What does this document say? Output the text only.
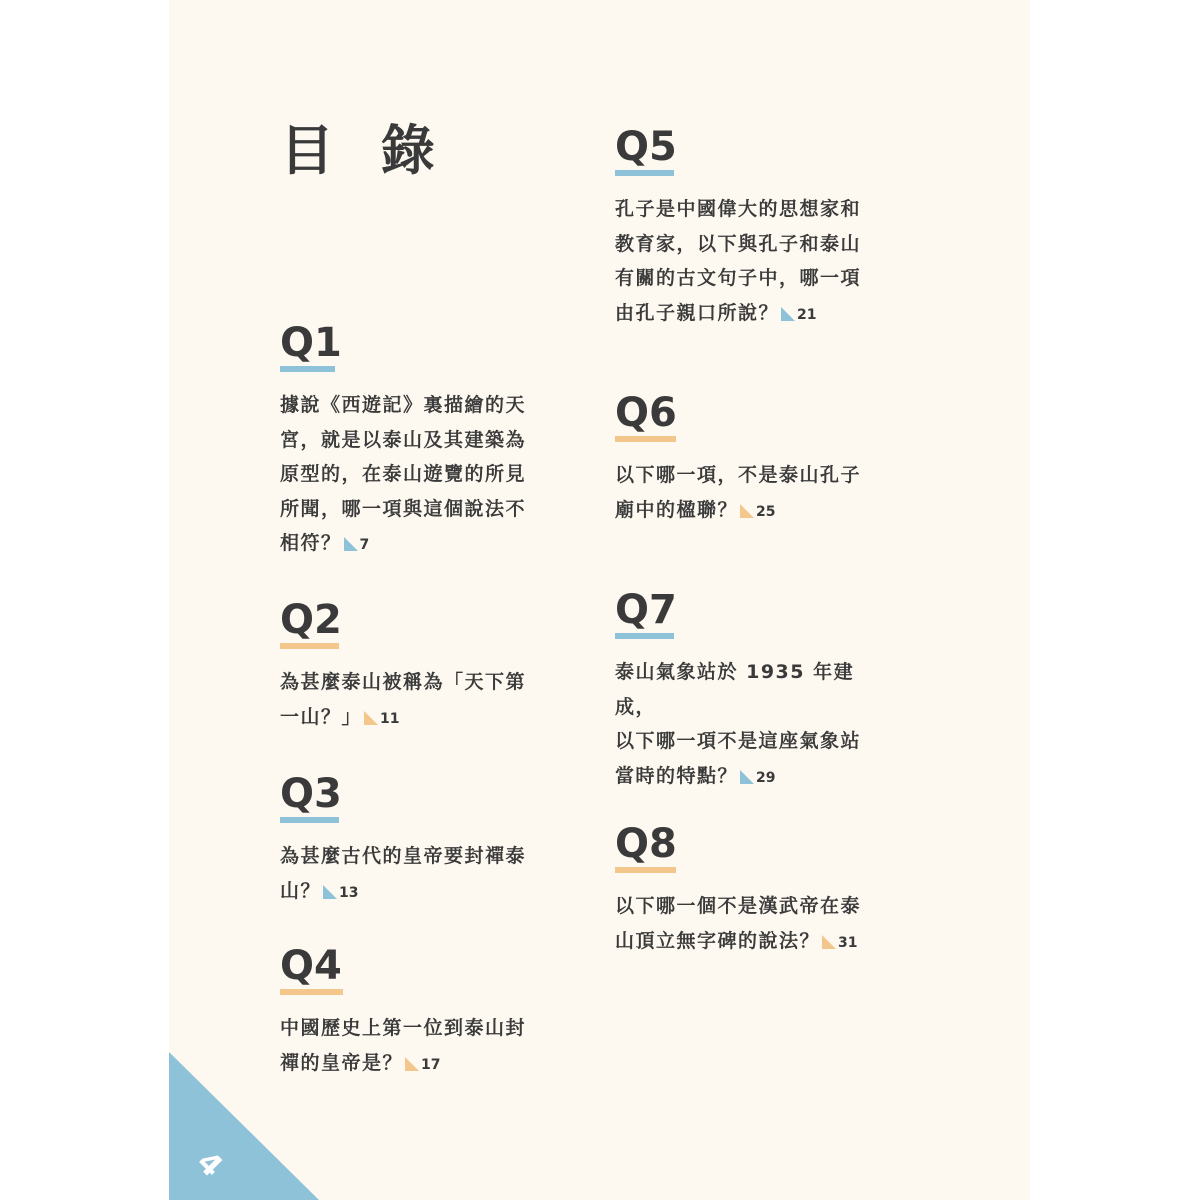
目 錄
Q1
據說《西遊記》裏描繪的天
宮，就是以泰山及其建築為
原型的，在泰山遊覽的所見
所聞，哪一項與這個說法不
相符？ 7
Q2
為甚麼泰山被稱為「天下第
一山？」 11
Q3
為甚麼古代的皇帝要封禪泰
山？ 13
Q4
中國歷史上第一位到泰山封
禪的皇帝是？ 17
Q5
孔子是中國偉大的思想家和
教育家，以下與孔子和泰山
有關的古文句子中，哪一項
由孔子親口所說？ 21
Q6
以下哪一項，不是泰山孔子
廟中的楹聯？ 25
Q7
泰山氣象站於 1935 年建成，
以下哪一項不是這座氣象站
當時的特點？ 29
Q8
以下哪一個不是漢武帝在泰
山頂立無字碑的說法？ 31
4
